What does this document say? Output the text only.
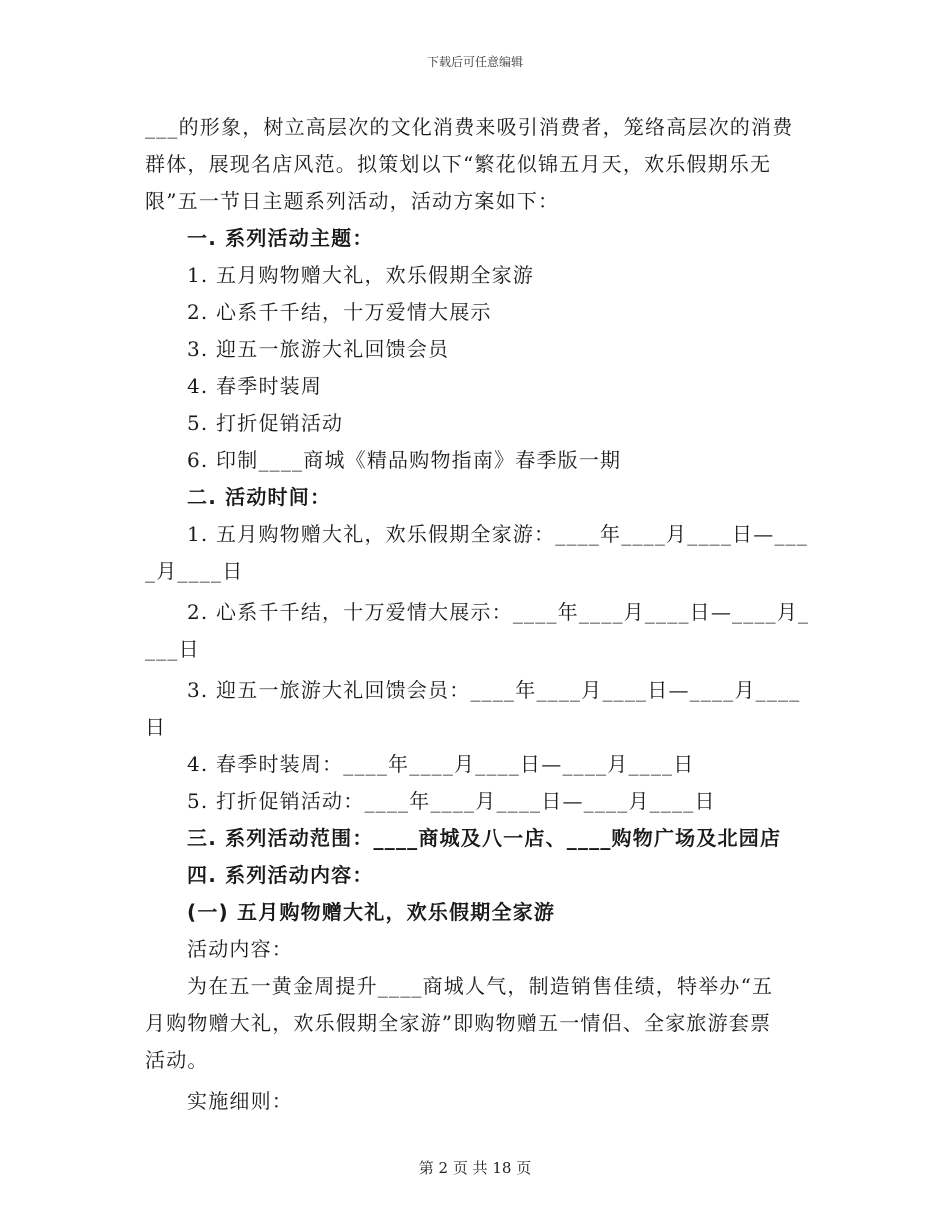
下载后可任意编辑
___的形象，树立高层次的文化消费来吸引消费者，笼络高层次的消费
群体，展现名店风范。拟策划以下“繁花似锦五月天，欢乐假期乐无
限”五一节日主题系列活动，活动方案如下：
一. 系列活动主题：
1. 五月购物赠大礼，欢乐假期全家游
2. 心系千千结，十万爱情大展示
3. 迎五一旅游大礼回馈会员
4. 春季时装周
5. 打折促销活动
6. 印制____商城《精品购物指南》春季版一期
二. 活动时间：
1. 五月购物赠大礼，欢乐假期全家游：____年____月____日—___
_月____日
2. 心系千千结，十万爱情大展示：____年____月____日—____月_
___日
3. 迎五一旅游大礼回馈会员：____年____月____日—____月____
日
4. 春季时装周：____年____月____日—____月____日
5. 打折促销活动：____年____月____日—____月____日
三. 系列活动范围：____商城及八一店、____购物广场及北园店
四. 系列活动内容：
(一) 五月购物赠大礼，欢乐假期全家游
活动内容：
为在五一黄金周提升____商城人气，制造销售佳绩，特举办“五
月购物赠大礼，欢乐假期全家游”即购物赠五一情侣、全家旅游套票
活动。
实施细则：
第 2 页 共 18 页
